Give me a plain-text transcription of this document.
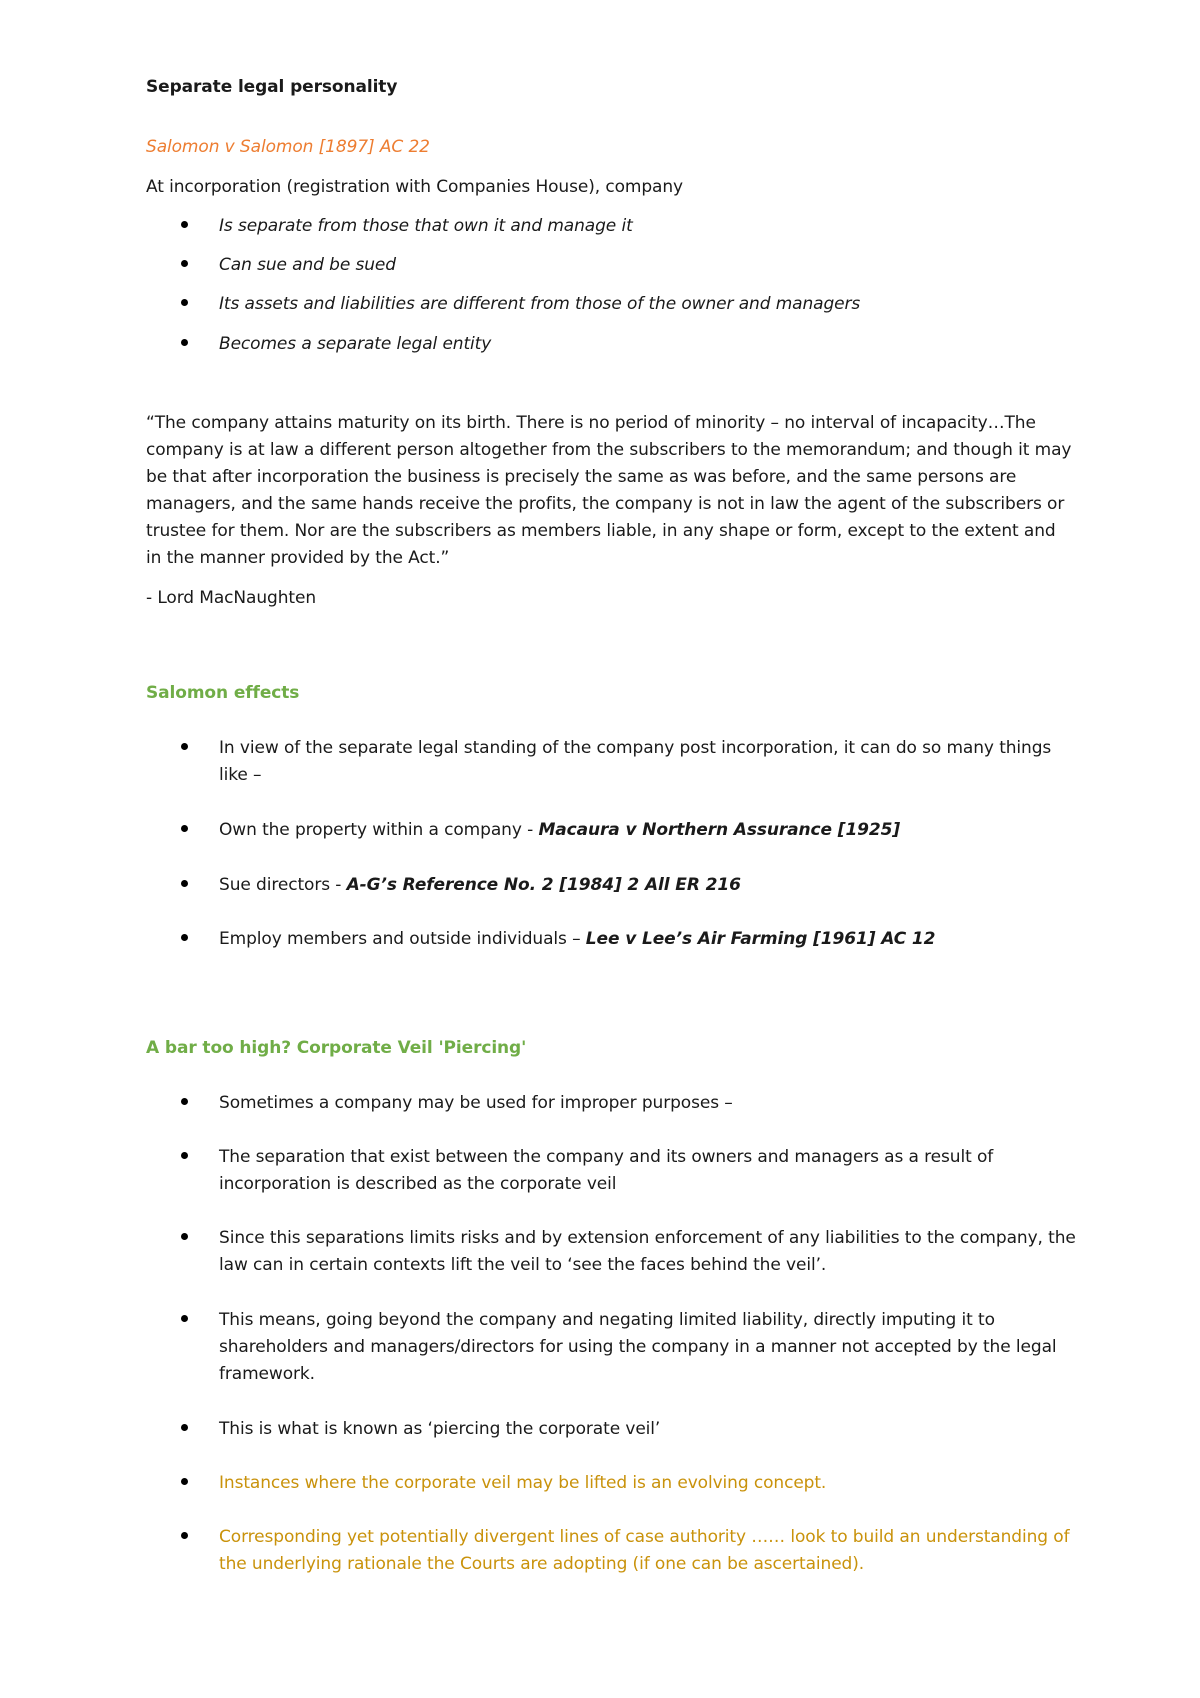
Separate legal personality
Salomon v Salomon [1897] AC 22
At incorporation (registration with Companies House), company
Is separate from those that own it and manage it
Can sue and be sued
Its assets and liabilities are different from those of the owner and managers
Becomes a separate legal entity
“The company attains maturity on its birth. There is no period of minority – no interval of incapacity…The
company is at law a different person altogether from the subscribers to the memorandum; and though it may
be that after incorporation the business is precisely the same as was before, and the same persons are
managers, and the same hands receive the profits, the company is not in law the agent of the subscribers or
trustee for them. Nor are the subscribers as members liable, in any shape or form, except to the extent and
in the manner provided by the Act.”
- Lord MacNaughten
Salomon effects
In view of the separate legal standing of the company post incorporation, it can do so many things
like –
Own the property within a company - Macaura v Northern Assurance [1925]
Sue directors - A-G’s Reference No. 2 [1984] 2 All ER 216
Employ members and outside individuals – Lee v Lee’s Air Farming [1961] AC 12
A bar too high? Corporate Veil 'Piercing'
Sometimes a company may be used for improper purposes –
The separation that exist between the company and its owners and managers as a result of
incorporation is described as the corporate veil
Since this separations limits risks and by extension enforcement of any liabilities to the company, the
law can in certain contexts lift the veil to ‘see the faces behind the veil’.
This means, going beyond the company and negating limited liability, directly imputing it to
shareholders and managers/directors for using the company in a manner not accepted by the legal
framework.
This is what is known as ‘piercing the corporate veil’
Instances where the corporate veil may be lifted is an evolving concept.
Corresponding yet potentially divergent lines of case authority …… look to build an understanding of
the underlying rationale the Courts are adopting (if one can be ascertained).
